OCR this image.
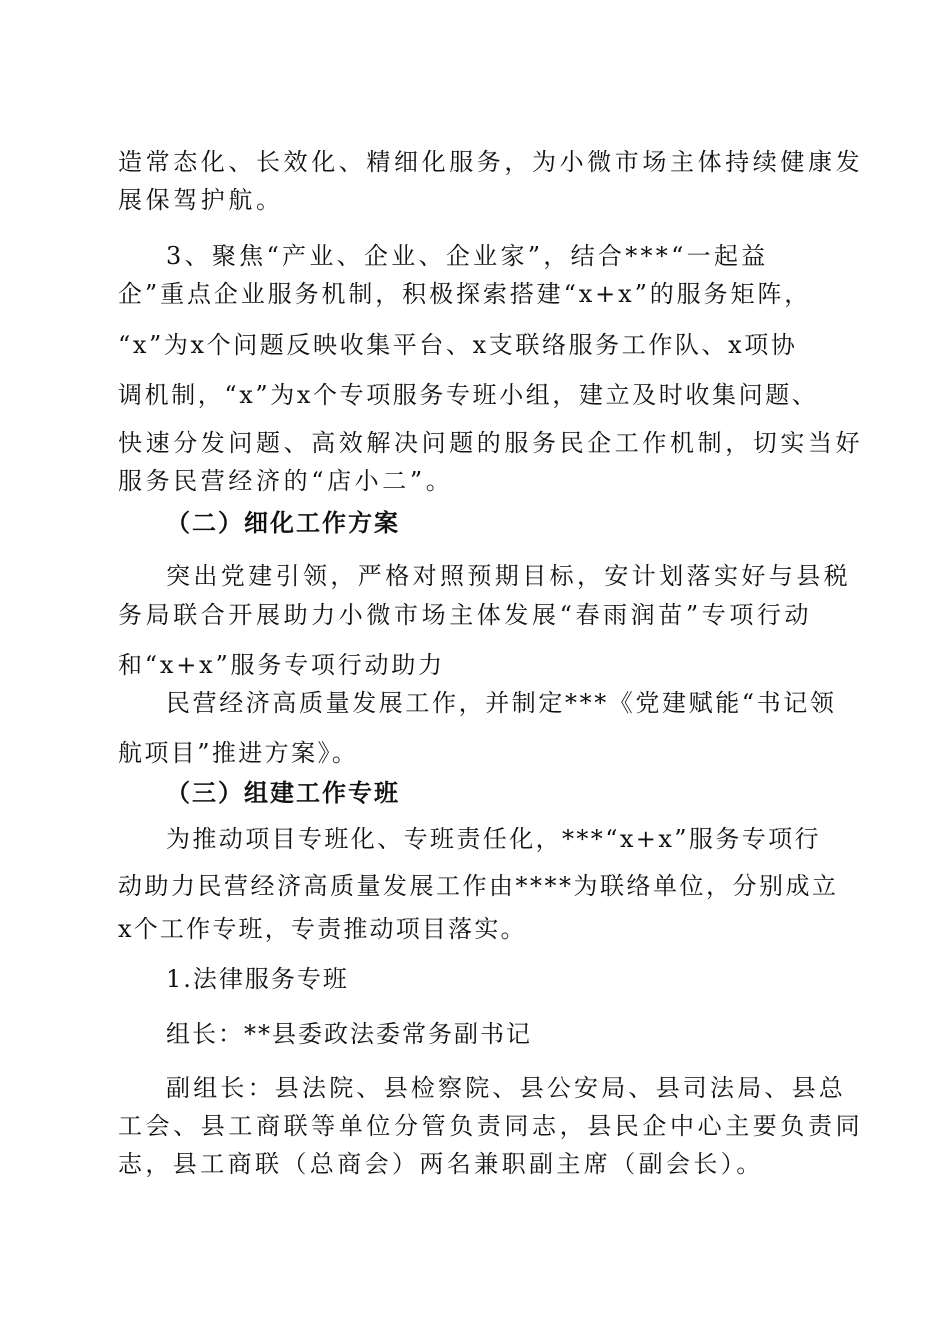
造常态化、长效化、精细化服务，为小微市场主体持续健康发
展保驾护航。
3、聚焦“产业、企业、企业家”，结合***“一起益
企”重点企业服务机制，积极探索搭建“x+x”的服务矩阵，
“x”为x个问题反映收集平台、x支联络服务工作队、x项协
调机制，“x”为x个专项服务专班小组，建立及时收集问题、
快速分发问题、高效解决问题的服务民企工作机制，切实当好
服务民营经济的“店小二”。
（二）细化工作方案
突出党建引领，严格对照预期目标，安计划落实好与县税
务局联合开展助力小微市场主体发展“春雨润苗”专项行动
和“x+x”服务专项行动助力
民营经济高质量发展工作，并制定***《党建赋能“书记领
航项目”推进方案》。
（三）组建工作专班
为推动项目专班化、专班责任化，***“x+x”服务专项行
动助力民营经济高质量发展工作由****为联络单位，分别成立
x个工作专班，专责推动项目落实。
1.法律服务专班
组长：**县委政法委常务副书记
副组长：县法院、县检察院、县公安局、县司法局、县总
工会、县工商联等单位分管负责同志，县民企中心主要负责同
志，县工商联（总商会）两名兼职副主席（副会长）。
